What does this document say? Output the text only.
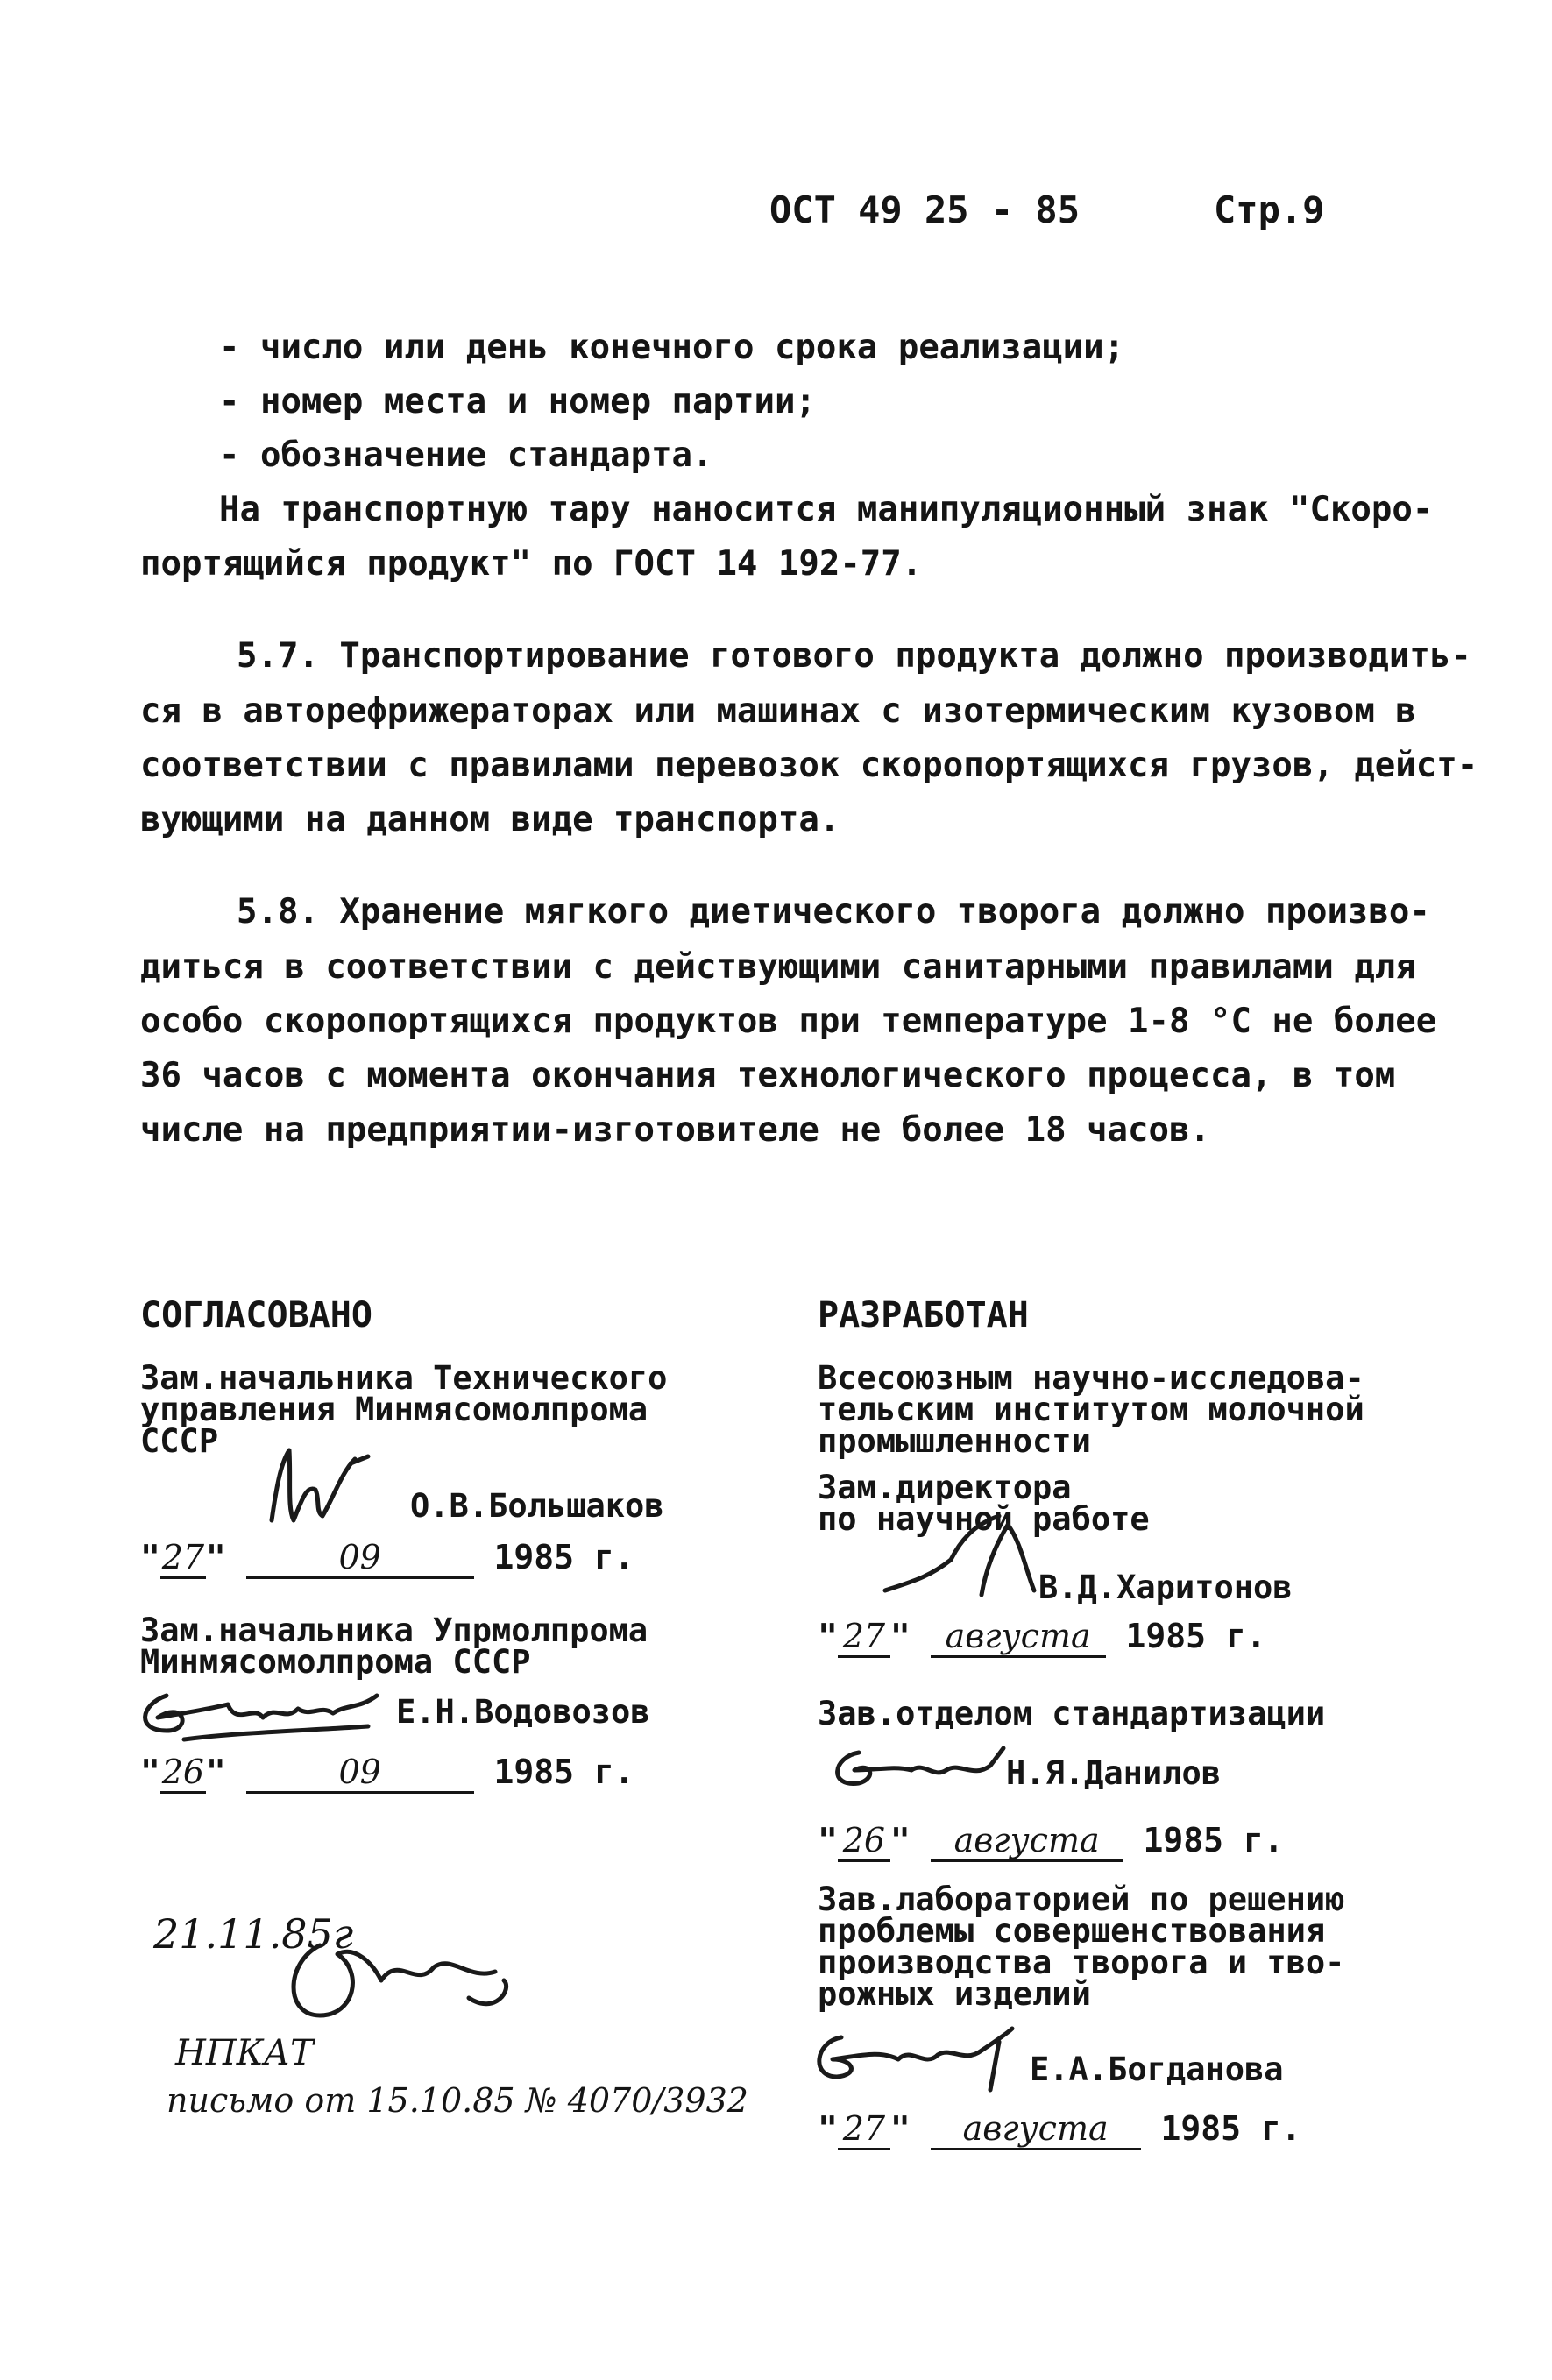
ОСТ 49 25 - 85	Стр.9
- число или день конечного срока реализации;
- номер места и номер партии;
- обозначение стандарта.
На транспортную тару наносится манипуляционный знак "Скоро-
портящийся продукт" по ГОСТ 14 192-77.
5.7. Транспортирование готового продукта должно производить-
ся в авторефрижераторах или машинах с изотермическим кузовом в
соответствии с правилами перевозок скоропортящихся грузов, дейст-
вующими на данном виде транспорта.
5.8. Хранение мягкого диетического творога должно произво-
диться в соответствии с действующими санитарными правилами для
особо скоропортящихся продуктов при температуре 1-8 °С не более
36 часов с момента окончания технологического процесса, в том
числе на предприятии-изготовителе не более 18 часов.
СОГЛАСОВАНО
Зам.начальника Технического
управления Минмясомолпрома
СССР
О.В.Большаков
"27"	09	1985 г.
Зам.начальника Упрмолпрома
Минмясомолпрома СССР
Е.Н.Водовозов
"26"	09	1985 г.
21.11.85г
НПКАТ
письмо от 15.10.85 № 4070/3932
РАЗРАБОТАН
Всесоюзным научно-исследова-
тельским институтом молочной
промышленности
Зам.директора
по научной работе
В.Д.Харитонов
" 27 " августа 1985 г.
Зав.отделом стандартизации
Н.Я.Данилов
" 26 " августа 1985 г.
Зав.лабораторией по решению
проблемы совершенствования
производства творога и тво-
рожных изделий
Е.А.Богданова
" 27 " августа 1985 г.
